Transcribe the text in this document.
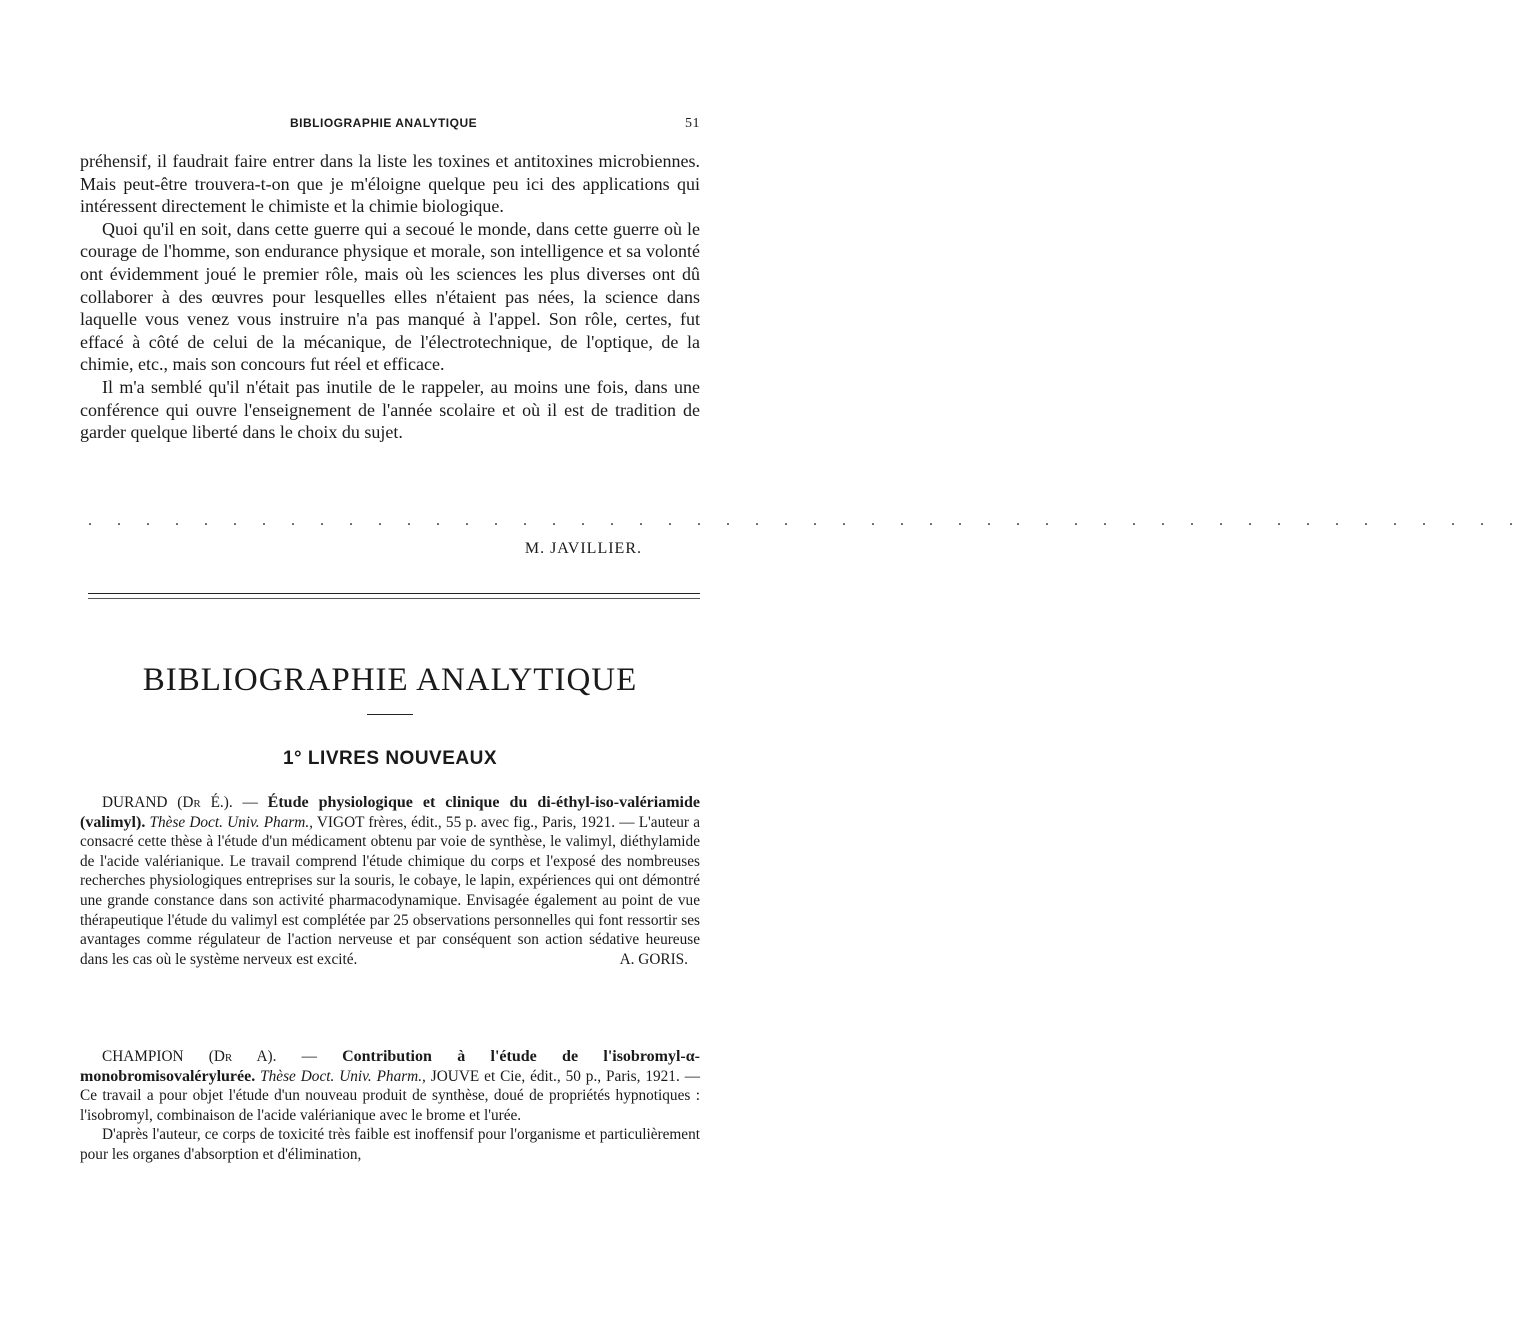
BIBLIOGRAPHIE ANALYTIQUE	51

préhensif, il faudrait faire entrer dans la liste les toxines et antitoxines microbiennes. Mais peut-être trouvera-t-on que je m'éloigne quelque peu ici des applications qui intéressent directement le chimiste et la chimie biologique.

Quoi qu'il en soit, dans cette guerre qui a secoué le monde, dans cette guerre où le courage de l'homme, son endurance physique et morale, son intelligence et sa volonté ont évidemment joué le premier rôle, mais où les sciences les plus diverses ont dû collaborer à des œuvres pour lesquelles elles n'étaient pas nées, la science dans laquelle vous venez vous instruire n'a pas manqué à l'appel. Son rôle, certes, fut effacé à côté de celui de la mécanique, de l'électrotechnique, de l'optique, de la chimie, etc., mais son concours fut réel et efficace.

Il m'a semblé qu'il n'était pas inutile de le rappeler, au moins une fois, dans une conférence qui ouvre l'enseignement de l'année scolaire et où il est de tradition de garder quelque liberté dans le choix du sujet.

. . . . . . . . . . . . . . . . . . . . . . . . . . . . . . . . . . . . . . . . . . . . . . . . . .
M. JAVILLIER.
BIBLIOGRAPHIE ANALYTIQUE
1° LIVRES NOUVEAUX

DURAND (Dr É.). — Étude physiologique et clinique du di-éthyl-iso-valériamide (valimyl). Thèse Doct. Univ. Pharm., VIGOT frères, édit., 55 p. avec fig., Paris, 1921. — L'auteur a consacré cette thèse à l'étude d'un médicament obtenu par voie de synthèse, le valimyl, diéthylamide de l'acide valérianique. Le travail comprend l'étude chimique du corps et l'exposé des nombreuses recherches physiologiques entreprises sur la souris, le cobaye, le lapin, expériences qui ont démontré une grande constance dans son activité pharmacodynamique. Envisagée également au point de vue thérapeutique l'étude du valimyl est complétée par 25 observations personnelles qui font ressortir ses avantages comme régulateur de l'action nerveuse et par conséquent son action sédative heureuse dans les cas où le système nerveux est excité.	A. GORIS.

CHAMPION (Dr A). — Contribution à l'étude de l'isobromyl-α-monobromisovalérylurée. Thèse Doct. Univ. Pharm., JOUVE et Cie, édit., 50 p., Paris, 1921. — Ce travail a pour objet l'étude d'un nouveau produit de synthèse, doué de propriétés hypnotiques : l'isobromyl, combinaison de l'acide valérianique avec le brome et l'urée.

D'après l'auteur, ce corps de toxicité très faible est inoffensif pour l'organisme et particulièrement pour les organes d'absorption et d'élimination,
